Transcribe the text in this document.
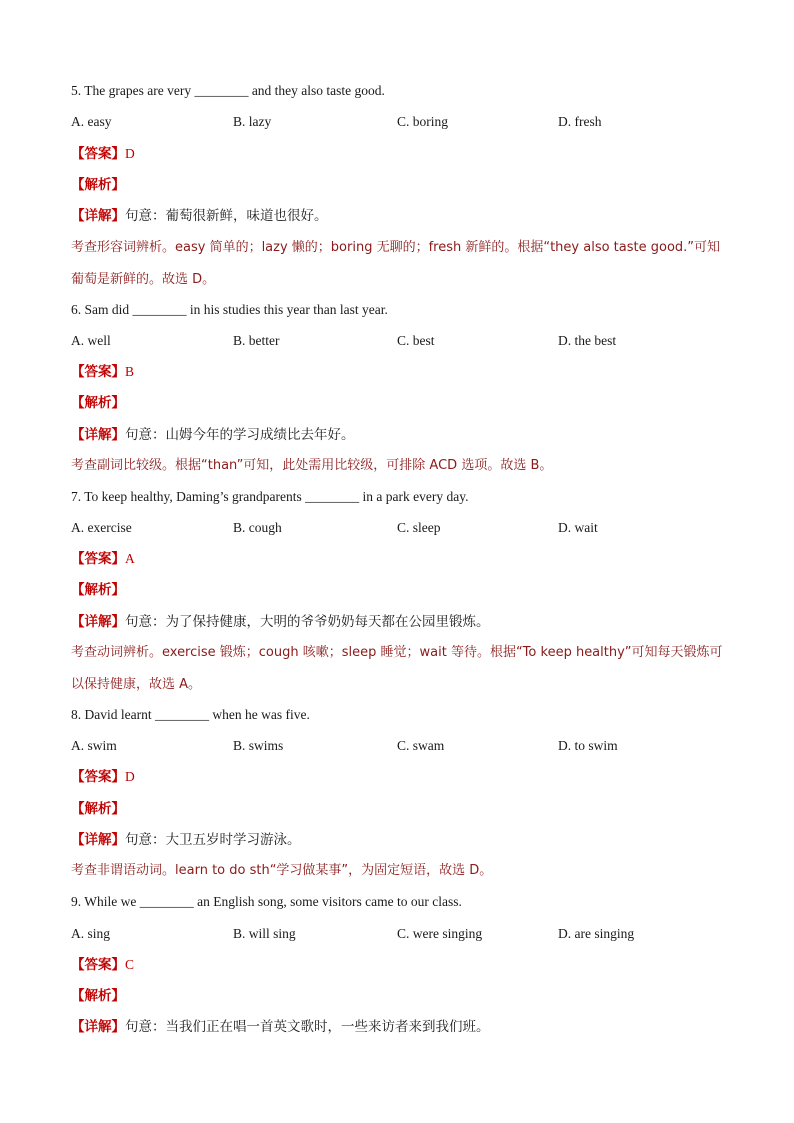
5. The grapes are very ________ and they also taste good.
A. easy	B. lazy	C. boring	D. fresh
【答案】D
【解析】
【详解】句意：葡萄很新鲜，味道也很好。
考查形容词辨析。easy 简单的；lazy 懒的；boring 无聊的；fresh 新鲜的。根据“they also taste good.”可知葡萄是新鲜的。故选 D。
6. Sam did ________ in his studies this year than last year.
A. well	B. better	C. best	D. the best
【答案】B
【解析】
【详解】句意：山姆今年的学习成绩比去年好。
考查副词比较级。根据“than”可知，此处需用比较级，可排除 ACD 选项。故选 B。
7. To keep healthy, Daming’s grandparents ________ in a park every day.
A. exercise	B. cough	C. sleep	D. wait
【答案】A
【解析】
【详解】句意：为了保持健康，大明的爷爷奶奶每天都在公园里锻炼。
考查动词辨析。exercise 锻炼；cough 咳嗽；sleep 睡觉；wait 等待。根据“To keep healthy”可知每天锻炼可以保持健康，故选 A。
8. David learnt ________ when he was five.
A. swim	B. swims	C. swam	D. to swim
【答案】D
【解析】
【详解】句意：大卫五岁时学习游泳。
考查非谓语动词。learn to do sth“学习做某事”，为固定短语，故选 D。
9. While we ________ an English song, some visitors came to our class.
A. sing	B. will sing	C. were singing	D. are singing
【答案】C
【解析】
【详解】句意：当我们正在唱一首英文歌时，一些来访者来到我们班。
